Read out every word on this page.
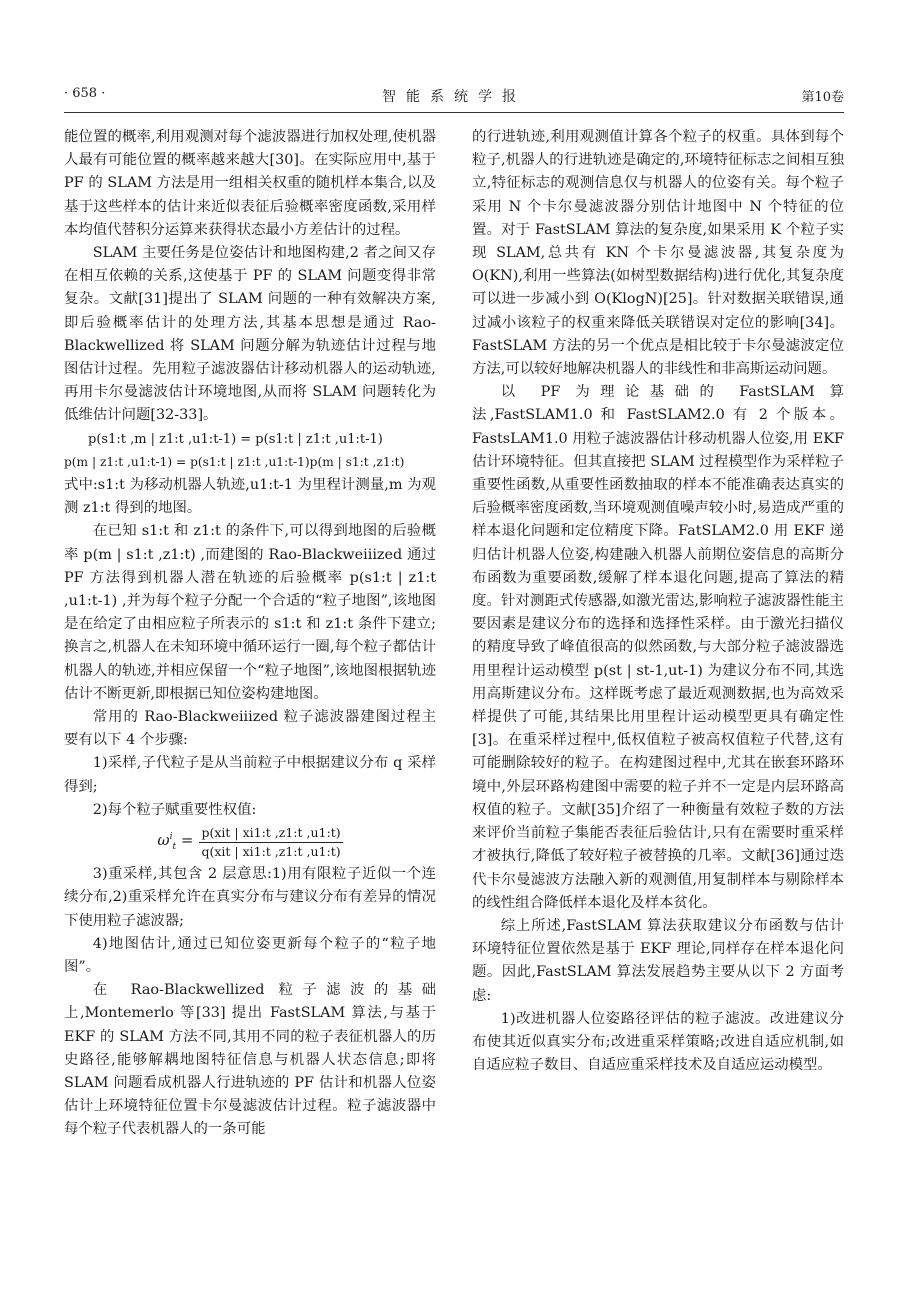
· 658 ·	智能系统学报	第10卷

能位置的概率,利用观测对每个滤波器进行加权处理,使机器人最有可能位置的概率越来越大[30]。在实际应用中,基于 PF 的 SLAM 方法是用一组相关权重的随机样本集合,以及基于这些样本的估计来近似表征后验概率密度函数,采用样本均值代替积分运算来获得状态最小方差估计的过程。

SLAM 主要任务是位姿估计和地图构建,2 者之间又存在相互依赖的关系,这使基于 PF 的 SLAM 问题变得非常复杂。文献[31]提出了 SLAM 问题的一种有效解决方案,即后验概率估计的处理方法,其基本思想是通过 Rao-Blackwellized 将 SLAM 问题分解为轨迹估计过程与地图估计过程。先用粒子滤波器估计移动机器人的运动轨迹,再用卡尔曼滤波估计环境地图,从而将 SLAM 问题转化为低维估计问题[32-33]。

p(s1:t ,m | z1:t ,u1:t-1) = p(s1:t | z1:t ,u1:t-1)

p(m | z1:t ,u1:t-1) = p(s1:t | z1:t ,u1:t-1)p(m | s1:t ,z1:t)

式中:s1:t 为移动机器人轨迹,u1:t-1 为里程计测量,m 为观测 z1:t 得到的地图。

在已知 s1:t 和 z1:t 的条件下,可以得到地图的后验概率 p(m | s1:t ,z1:t) ,而建图的 Rao-Blackweiiized 通过 PF 方法得到机器人潜在轨迹的后验概率 p(s1:t | z1:t ,u1:t-1) ,并为每个粒子分配一个合适的“粒子地图”,该地图是在给定了由相应粒子所表示的 s1:t 和 z1:t 条件下建立;换言之,机器人在未知环境中循环运行一圈,每个粒子都估计机器人的轨迹,并相应保留一个“粒子地图”,该地图根据轨迹估计不断更新,即根据已知位姿构建地图。

常用的 Rao-Blackweiiized 粒子滤波器建图过程主要有以下 4 个步骤:

1)采样,子代粒子是从当前粒子中根据建议分布 q 采样得到;

2)每个粒子赋重要性权值:

$\omega^i_t = \frac{\text{p(xit | xi1:t ,z1:t ,u1:t)}}{\text{q(xit | xi1:t ,z1:t ,u1:t)}}$

3)重采样,其包含 2 层意思:1)用有限粒子近似一个连续分布,2)重采样允许在真实分布与建议分布有差异的情况下使用粒子滤波器;

4)地图估计,通过已知位姿更新每个粒子的“粒子地图”。

在 Rao-Blackwellized 粒子滤波的基础上,Montemerlo 等[33] 提出 FastSLAM 算法,与基于 EKF 的 SLAM 方法不同,其用不同的粒子表征机器人的历史路径,能够解耦地图特征信息与机器人状态信息;即将 SLAM 问题看成机器人行进轨迹的 PF 估计和机器人位姿估计上环境特征位置卡尔曼滤波估计过程。粒子滤波器中每个粒子代表机器人的一条可能

的行进轨迹,利用观测值计算各个粒子的权重。具体到每个粒子,机器人的行进轨迹是确定的,环境特征标志之间相互独立,特征标志的观测信息仅与机器人的位姿有关。每个粒子采用 N 个卡尔曼滤波器分别估计地图中 N 个特征的位置。对于 FastSLAM 算法的复杂度,如果采用 K 个粒子实现 SLAM,总共有 KN 个卡尔曼滤波器,其复杂度为 O(KN),利用一些算法(如树型数据结构)进行优化,其复杂度可以进一步减小到 O(KlogN)[25]。针对数据关联错误,通过减小该粒子的权重来降低关联错误对定位的影响[34]。FastSLAM 方法的另一个优点是相比较于卡尔曼滤波定位方法,可以较好地解决机器人的非线性和非高斯运动问题。

以 PF 为理论基础的 FastSLAM 算法,FastSLAM1.0 和 FastSLAM2.0 有 2 个版本。FastsLAM1.0 用粒子滤波器估计移动机器人位姿,用 EKF 估计环境特征。但其直接把 SLAM 过程模型作为采样粒子重要性函数,从重要性函数抽取的样本不能准确表达真实的后验概率密度函数,当环境观测值噪声较小时,易造成严重的样本退化问题和定位精度下降。FatSLAM2.0 用 EKF 递归估计机器人位姿,构建融入机器人前期位姿信息的高斯分布函数为重要函数,缓解了样本退化问题,提高了算法的精度。针对测距式传感器,如激光雷达,影响粒子滤波器性能主要因素是建议分布的选择和选择性采样。由于激光扫描仪的精度导致了峰值很高的似然函数,与大部分粒子滤波器选用里程计运动模型 p(st | st-1,ut-1) 为建议分布不同,其选用高斯建议分布。这样既考虑了最近观测数据,也为高效采样提供了可能,其结果比用里程计运动模型更具有确定性[3]。在重采样过程中,低权值粒子被高权值粒子代替,这有可能删除较好的粒子。在构建图过程中,尤其在嵌套环路环境中,外层环路构建图中需要的粒子并不一定是内层环路高权值的粒子。文献[35]介绍了一种衡量有效粒子数的方法来评价当前粒子集能否表征后验估计,只有在需要时重采样才被执行,降低了较好粒子被替换的几率。文献[36]通过迭代卡尔曼滤波方法融入新的观测值,用复制样本与剔除样本的线性组合降低样本退化及样本贫化。

综上所述,FastSLAM 算法获取建议分布函数与估计环境特征位置依然是基于 EKF 理论,同样存在样本退化问题。因此,FastSLAM 算法发展趋势主要从以下 2 方面考虑:

1)改进机器人位姿路径评估的粒子滤波。改进建议分布使其近似真实分布;改进重采样策略;改进自适应机制,如自适应粒子数目、自适应重采样技术及自适应运动模型。
